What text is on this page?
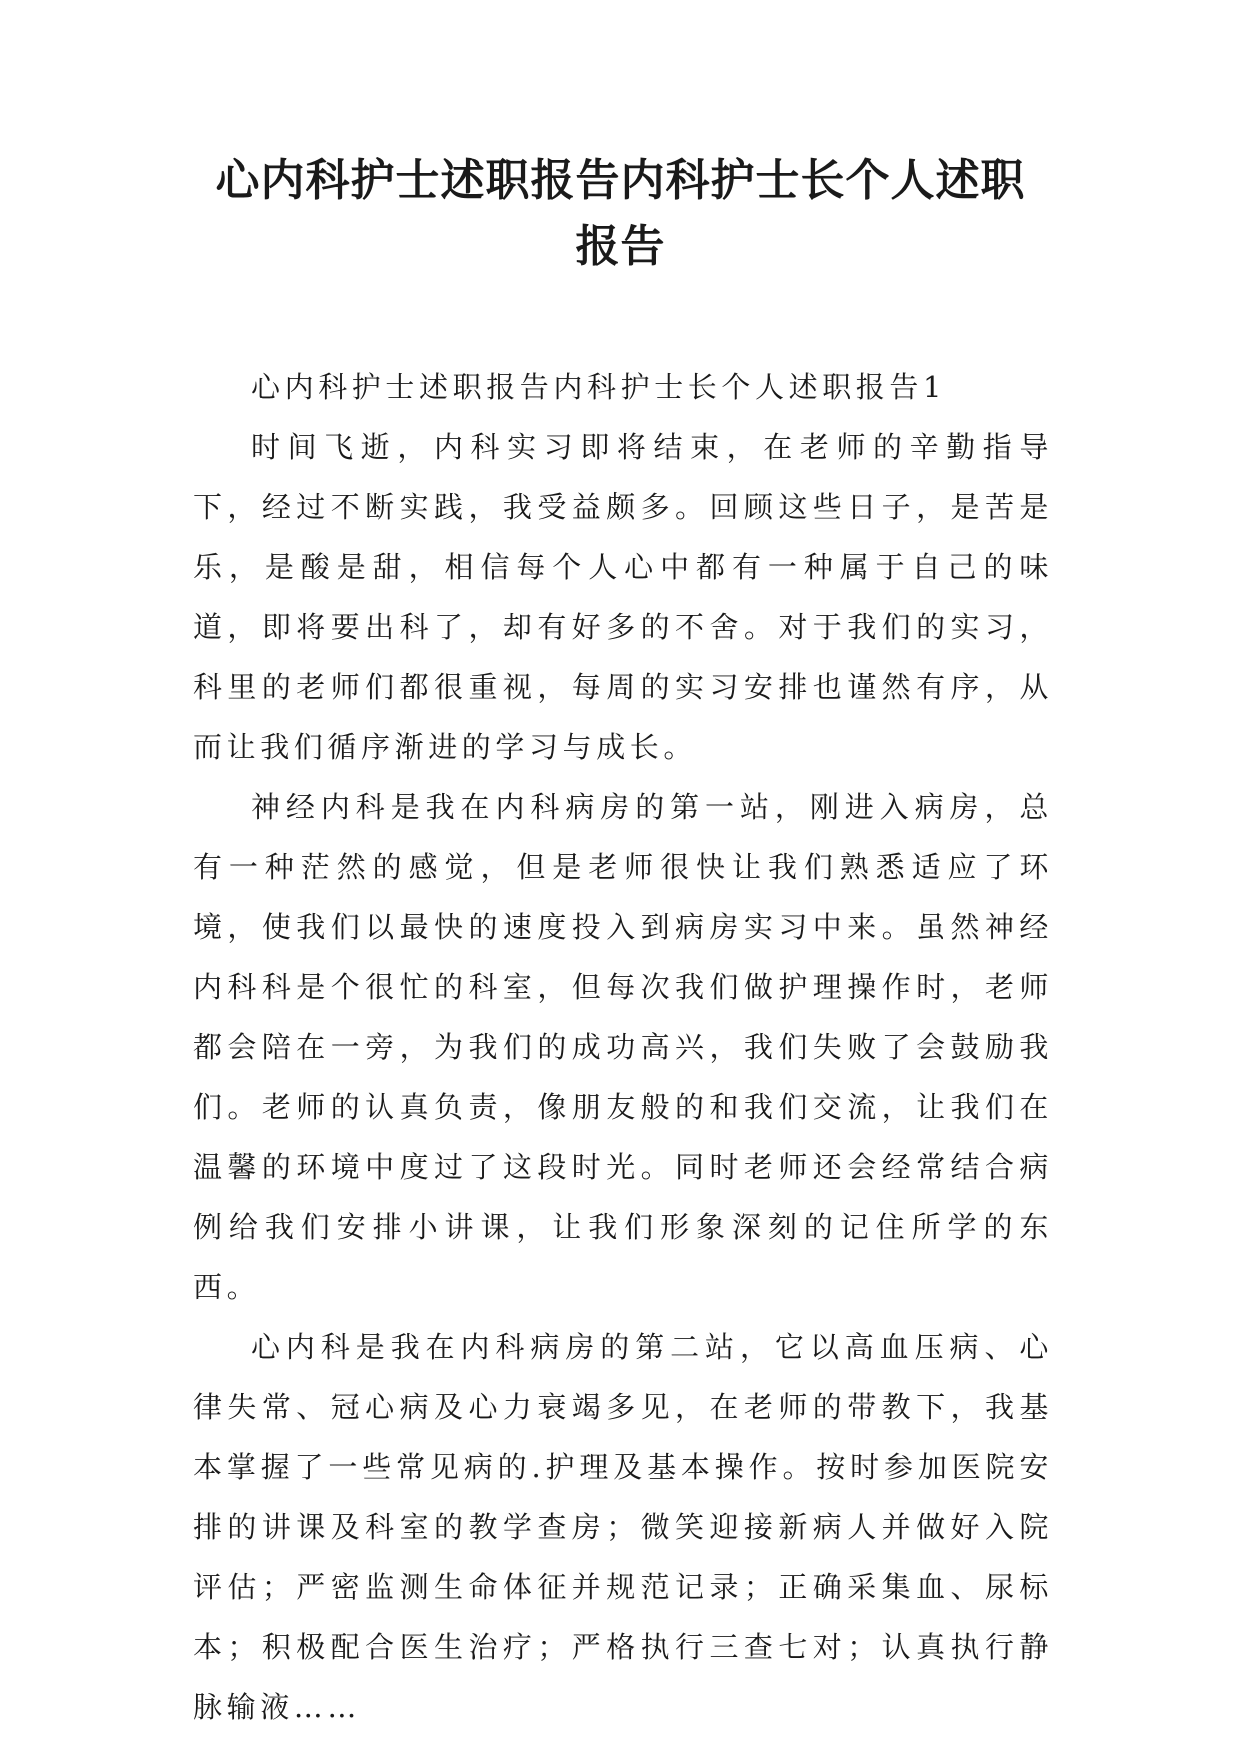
心内科护士述职报告内科护士长个人述职
报告

心内科护士述职报告内科护士长个人述职报告1

时间飞逝，内科实习即将结束，在老师的辛勤指导下，经过不断实践，我受益颇多。回顾这些日子，是苦是乐，是酸是甜，相信每个人心中都有一种属于自己的味道，即将要出科了，却有好多的不舍。对于我们的实习，科里的老师们都很重视，每周的实习安排也谨然有序，从而让我们循序渐进的学习与成长。

神经内科是我在内科病房的第一站，刚进入病房，总有一种茫然的感觉，但是老师很快让我们熟悉适应了环境，使我们以最快的速度投入到病房实习中来。虽然神经内科科是个很忙的科室，但每次我们做护理操作时，老师都会陪在一旁，为我们的成功高兴，我们失败了会鼓励我们。老师的认真负责，像朋友般的和我们交流，让我们在温馨的环境中度过了这段时光。同时老师还会经常结合病例给我们安排小讲课，让我们形象深刻的记住所学的东西。

心内科是我在内科病房的第二站，它以高血压病、心律失常、冠心病及心力衰竭多见，在老师的带教下，我基本掌握了一些常见病的.护理及基本操作。按时参加医院安排的讲课及科室的教学查房；微笑迎接新病人并做好入院评估；严密监测生命体征并规范记录；正确采集血、尿标本；积极配合医生治疗；严格执行三查七对；认真执行静脉输液……
